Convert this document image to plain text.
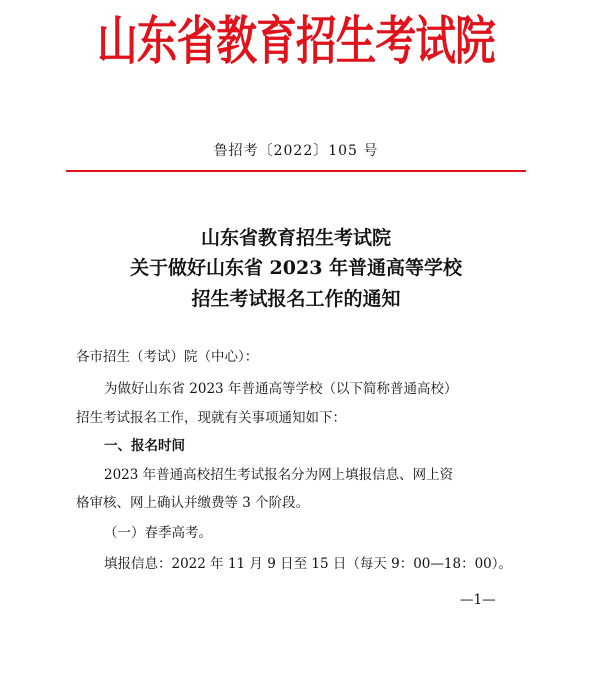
山东省教育招生考试院
鲁招考〔2022〕105 号
山东省教育招生考试院
关于做好山东省 2023 年普通高等学校
招生考试报名工作的通知
各市招生（考试）院（中心）：
为做好山东省 2023 年普通高等学校（以下简称普通高校）
招生考试报名工作，现就有关事项通知如下：
一、报名时间
2023 年普通高校招生考试报名分为网上填报信息、网上资
格审核、网上确认并缴费等 3 个阶段。
（一）春季高考。
填报信息：2022 年 11 月 9 日至 15 日（每天 9：00—18：00）。
—1—
